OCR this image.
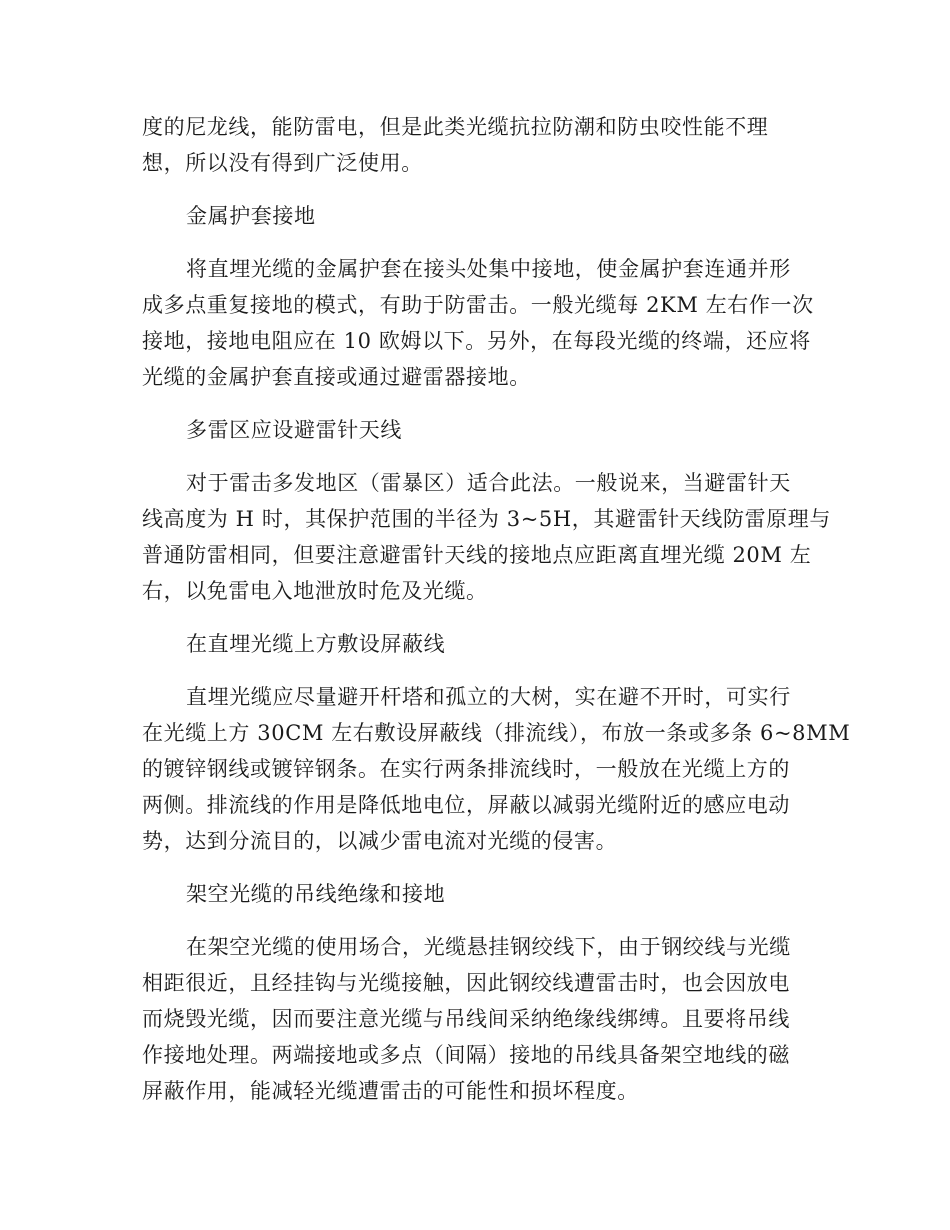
度的尼龙线，能防雷电，但是此类光缆抗拉防潮和防虫咬性能不理
想，所以没有得到广泛使用。
金属护套接地
将直埋光缆的金属护套在接头处集中接地，使金属护套连通并形
成多点重复接地的模式，有助于防雷击。一般光缆每 2KM 左右作一次
接地，接地电阻应在 10 欧姆以下。另外，在每段光缆的终端，还应将
光缆的金属护套直接或通过避雷器接地。
多雷区应设避雷针天线
对于雷击多发地区（雷暴区）适合此法。一般说来，当避雷针天
线高度为 H 时，其保护范围的半径为 3~5H，其避雷针天线防雷原理与
普通防雷相同，但要注意避雷针天线的接地点应距离直埋光缆 20M 左
右，以免雷电入地泄放时危及光缆。
在直埋光缆上方敷设屏蔽线
直埋光缆应尽量避开杆塔和孤立的大树，实在避不开时，可实行
在光缆上方 30CM 左右敷设屏蔽线（排流线），布放一条或多条 6~8MM
的镀锌钢线或镀锌钢条。在实行两条排流线时，一般放在光缆上方的
两侧。排流线的作用是降低地电位，屏蔽以减弱光缆附近的感应电动
势，达到分流目的，以减少雷电流对光缆的侵害。
架空光缆的吊线绝缘和接地
在架空光缆的使用场合，光缆悬挂钢绞线下，由于钢绞线与光缆
相距很近，且经挂钩与光缆接触，因此钢绞线遭雷击时，也会因放电
而烧毁光缆，因而要注意光缆与吊线间采纳绝缘线绑缚。且要将吊线
作接地处理。两端接地或多点（间隔）接地的吊线具备架空地线的磁
屏蔽作用，能减轻光缆遭雷击的可能性和损坏程度。
